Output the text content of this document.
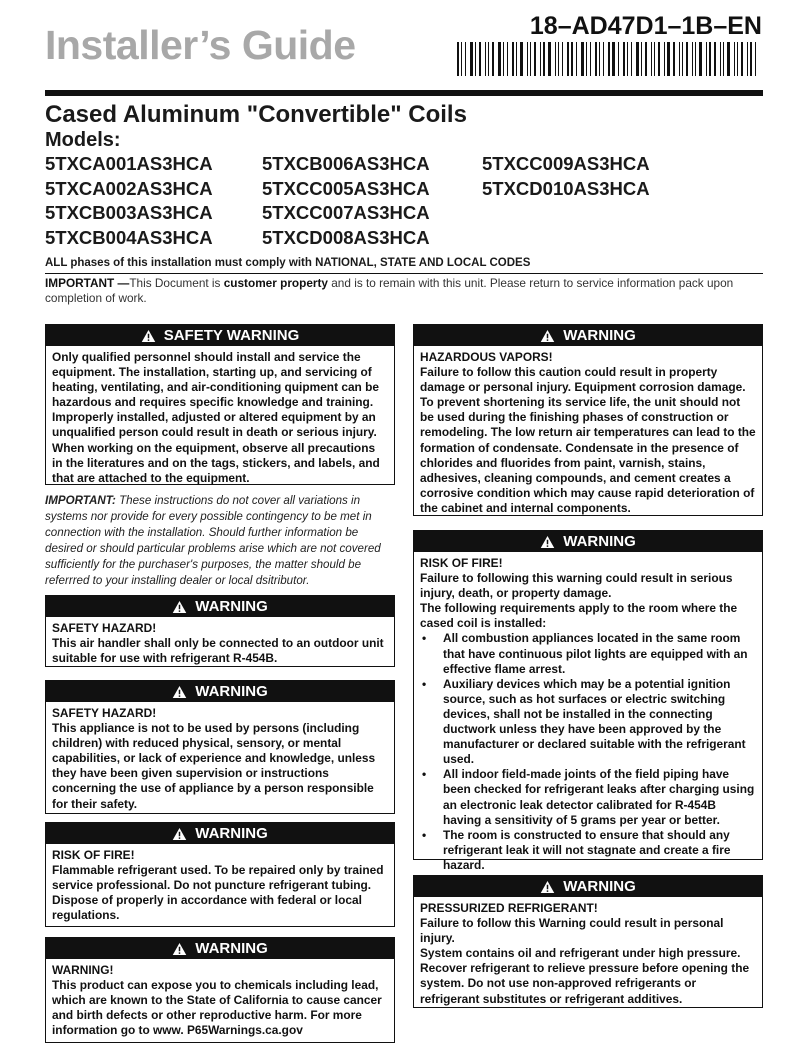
Installer’s Guide	18–AD47D1–1B–EN
Cased Aluminum "Convertible" Coils
Models:
5TXCA001AS3HCA
5TXCA002AS3HCA
5TXCB003AS3HCA
5TXCB004AS3HCA
5TXCB006AS3HCA
5TXCC005AS3HCA
5TXCC007AS3HCA
5TXCD008AS3HCA
5TXCC009AS3HCA
5TXCD010AS3HCA
ALL phases of this installation must comply with NATIONAL, STATE AND LOCAL CODES
IMPORTANT —This Document is customer property and is to remain with this unit. Please return to service information pack upon completion of work.
SAFETY WARNING
Only qualified personnel should install and service the equipment. The installation, starting up, and servicing of heating, ventilating, and air-conditioning quipment can be hazardous and requires specific knowledge and training. Improperly installed, adjusted or altered equipment by an unqualified person could result in death or serious injury. When working on the equipment, observe all precautions in the literatures and on the tags, stickers, and labels, and that are attached to the equipment.
IMPORTANT: These instructions do not cover all variations in systems nor provide for every possible contingency to be met in connection with the installation. Should further information be desired or should particular problems arise which are not covered sufficiently for the purchaser's purposes, the matter should be referrred to your installing dealer or local dsitributor.
WARNING
SAFETY HAZARD!
This air handler shall only be connected to an outdoor unit suitable for use with refrigerant R-454B.
WARNING
SAFETY HAZARD!
This appliance is not to be used by persons (including children) with reduced physical, sensory, or mental capabilities, or lack of experience and knowledge, unless they have been given supervision or instructions concerning the use of appliance by a person responsible for their safety.
WARNING
RISK OF FIRE!
Flammable refrigerant used. To be repaired only by trained service professional. Do not puncture refrigerant tubing. Dispose of properly in accordance with federal or local regulations.
WARNING
WARNING!
This product can expose you to chemicals including lead, which are known to the State of California to cause cancer and birth defects or other reproductive harm. For more information go to www. P65Warnings.ca.gov
WARNING
HAZARDOUS VAPORS!
Failure to follow this caution could result in property damage or personal injury. Equipment corrosion damage. To prevent shortening its service life, the unit should not be used during the finishing phases of construction or remodeling. The low return air temperatures can lead to the formation of condensate. Condensate in the presence of chlorides and fluorides from paint, varnish, stains, adhesives, cleaning compounds, and cement creates a corrosive condition which may cause rapid deterioration of the cabinet and internal components.
WARNING
RISK OF FIRE!
Failure to following this warning could result in serious injury, death, or property damage.
The following requirements apply to the room where the cased coil is installed:
• All combustion appliances located in the same room that have continuous pilot lights are equipped with an effective flame arrest.
• Auxiliary devices which may be a potential ignition source, such as hot surfaces or electric switching devices, shall not be installed in the connecting ductwork unless they have been approved by the manufacturer or declared suitable with the refrigerant used.
• All indoor field-made joints of the field piping have been checked for refrigerant leaks after charging using an electronic leak detector calibrated for R-454B having a sensitivity of 5 grams per year or better.
• The room is constructed to ensure that should any refrigerant leak it will not stagnate and create a fire hazard.
WARNING
PRESSURIZED REFRIGERANT!
Failure to follow this Warning could result in personal injury.
System contains oil and refrigerant under high pressure. Recover refrigerant to relieve pressure before opening the system. Do not use non-approved refrigerants or refrigerant substitutes or refrigerant additives.
